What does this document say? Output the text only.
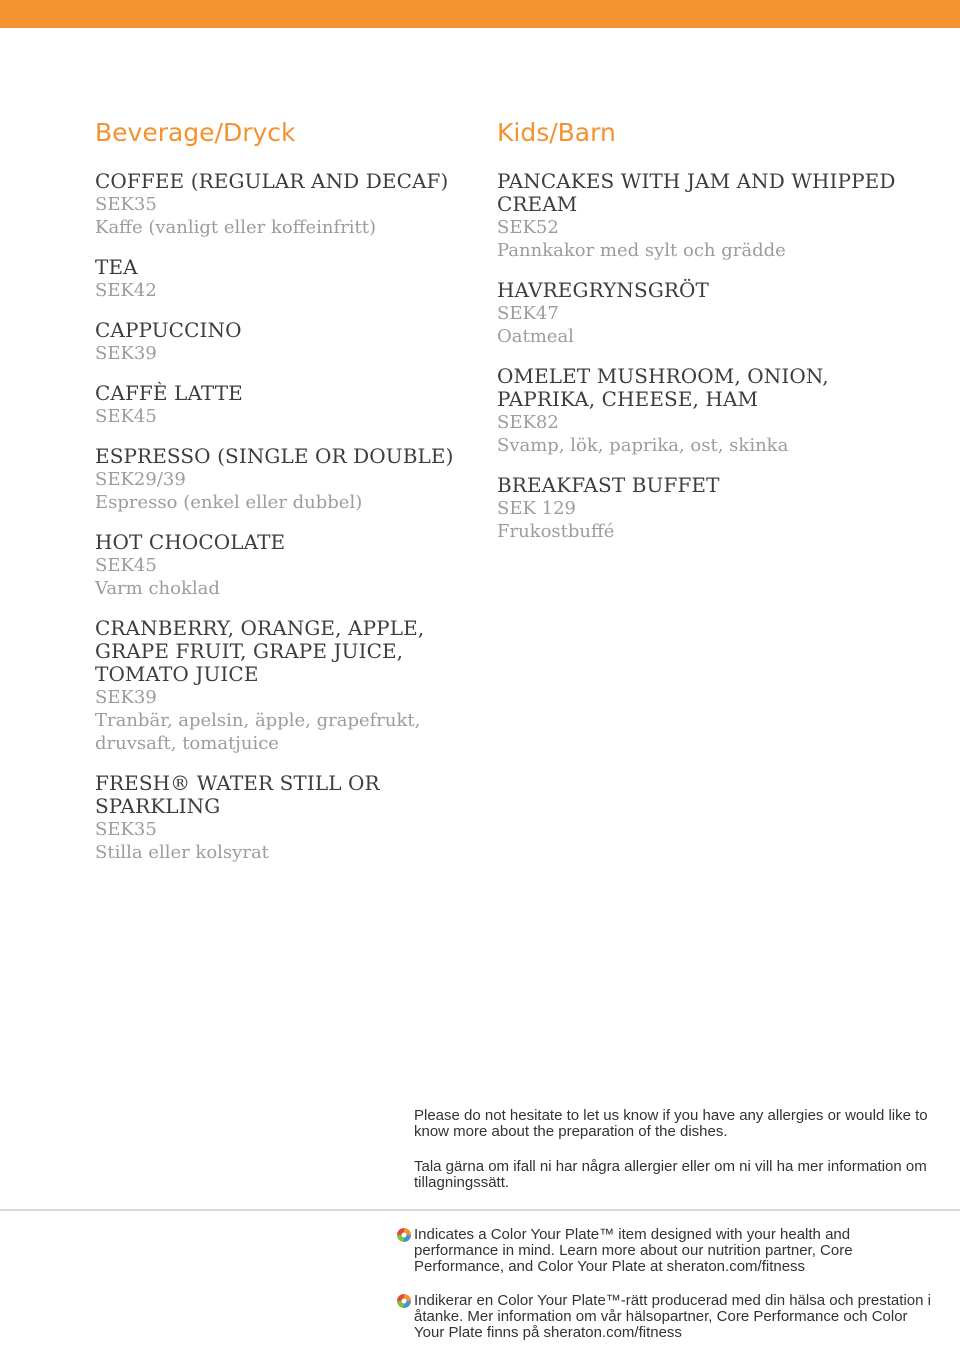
Beverage/Dryck
COFFEE (REGULAR AND DECAF)
SEK35
Kaffe (vanligt eller koffeinfritt)
TEA
SEK42
CAPPUCCINO
SEK39
CAFFÈ LATTE
SEK45
ESPRESSO (SINGLE OR DOUBLE)
SEK29/39
Espresso (enkel eller dubbel)
HOT CHOCOLATE
SEK45
Varm choklad
CRANBERRY, ORANGE, APPLE, GRAPE FRUIT, GRAPE JUICE, TOMATO JUICE
SEK39
Tranbär, apelsin, äpple, grapefrukt, druvsaft, tomatjuice
FRESH® WATER STILL OR SPARKLING
SEK35
Stilla eller kolsyrat
Kids/Barn
PANCAKES WITH JAM AND WHIPPED CREAM
SEK52
Pannkakor med sylt och grädde
HAVREGRYNSGRÖT
SEK47
Oatmeal
OMELET MUSHROOM, ONION, PAPRIKA, CHEESE, HAM
SEK82
Svamp, lök, paprika, ost, skinka
BREAKFAST BUFFET
SEK 129
Frukostbuffé
Please do not hesitate to let us know if you have any allergies or would like to know more about the preparation of the dishes.
Tala gärna om ifall ni har några allergier eller om ni vill ha mer information om tillagningssätt.
Indicates a Color Your Plate™ item designed with your health and performance in mind. Learn more about our nutrition partner, Core Performance, and Color Your Plate at sheraton.com/fitness
Indikerar en Color Your Plate™-rätt producerad med din hälsa och prestation i åtanke. Mer information om vår hälsopartner, Core Performance och Color Your Plate finns på sheraton.com/fitness
